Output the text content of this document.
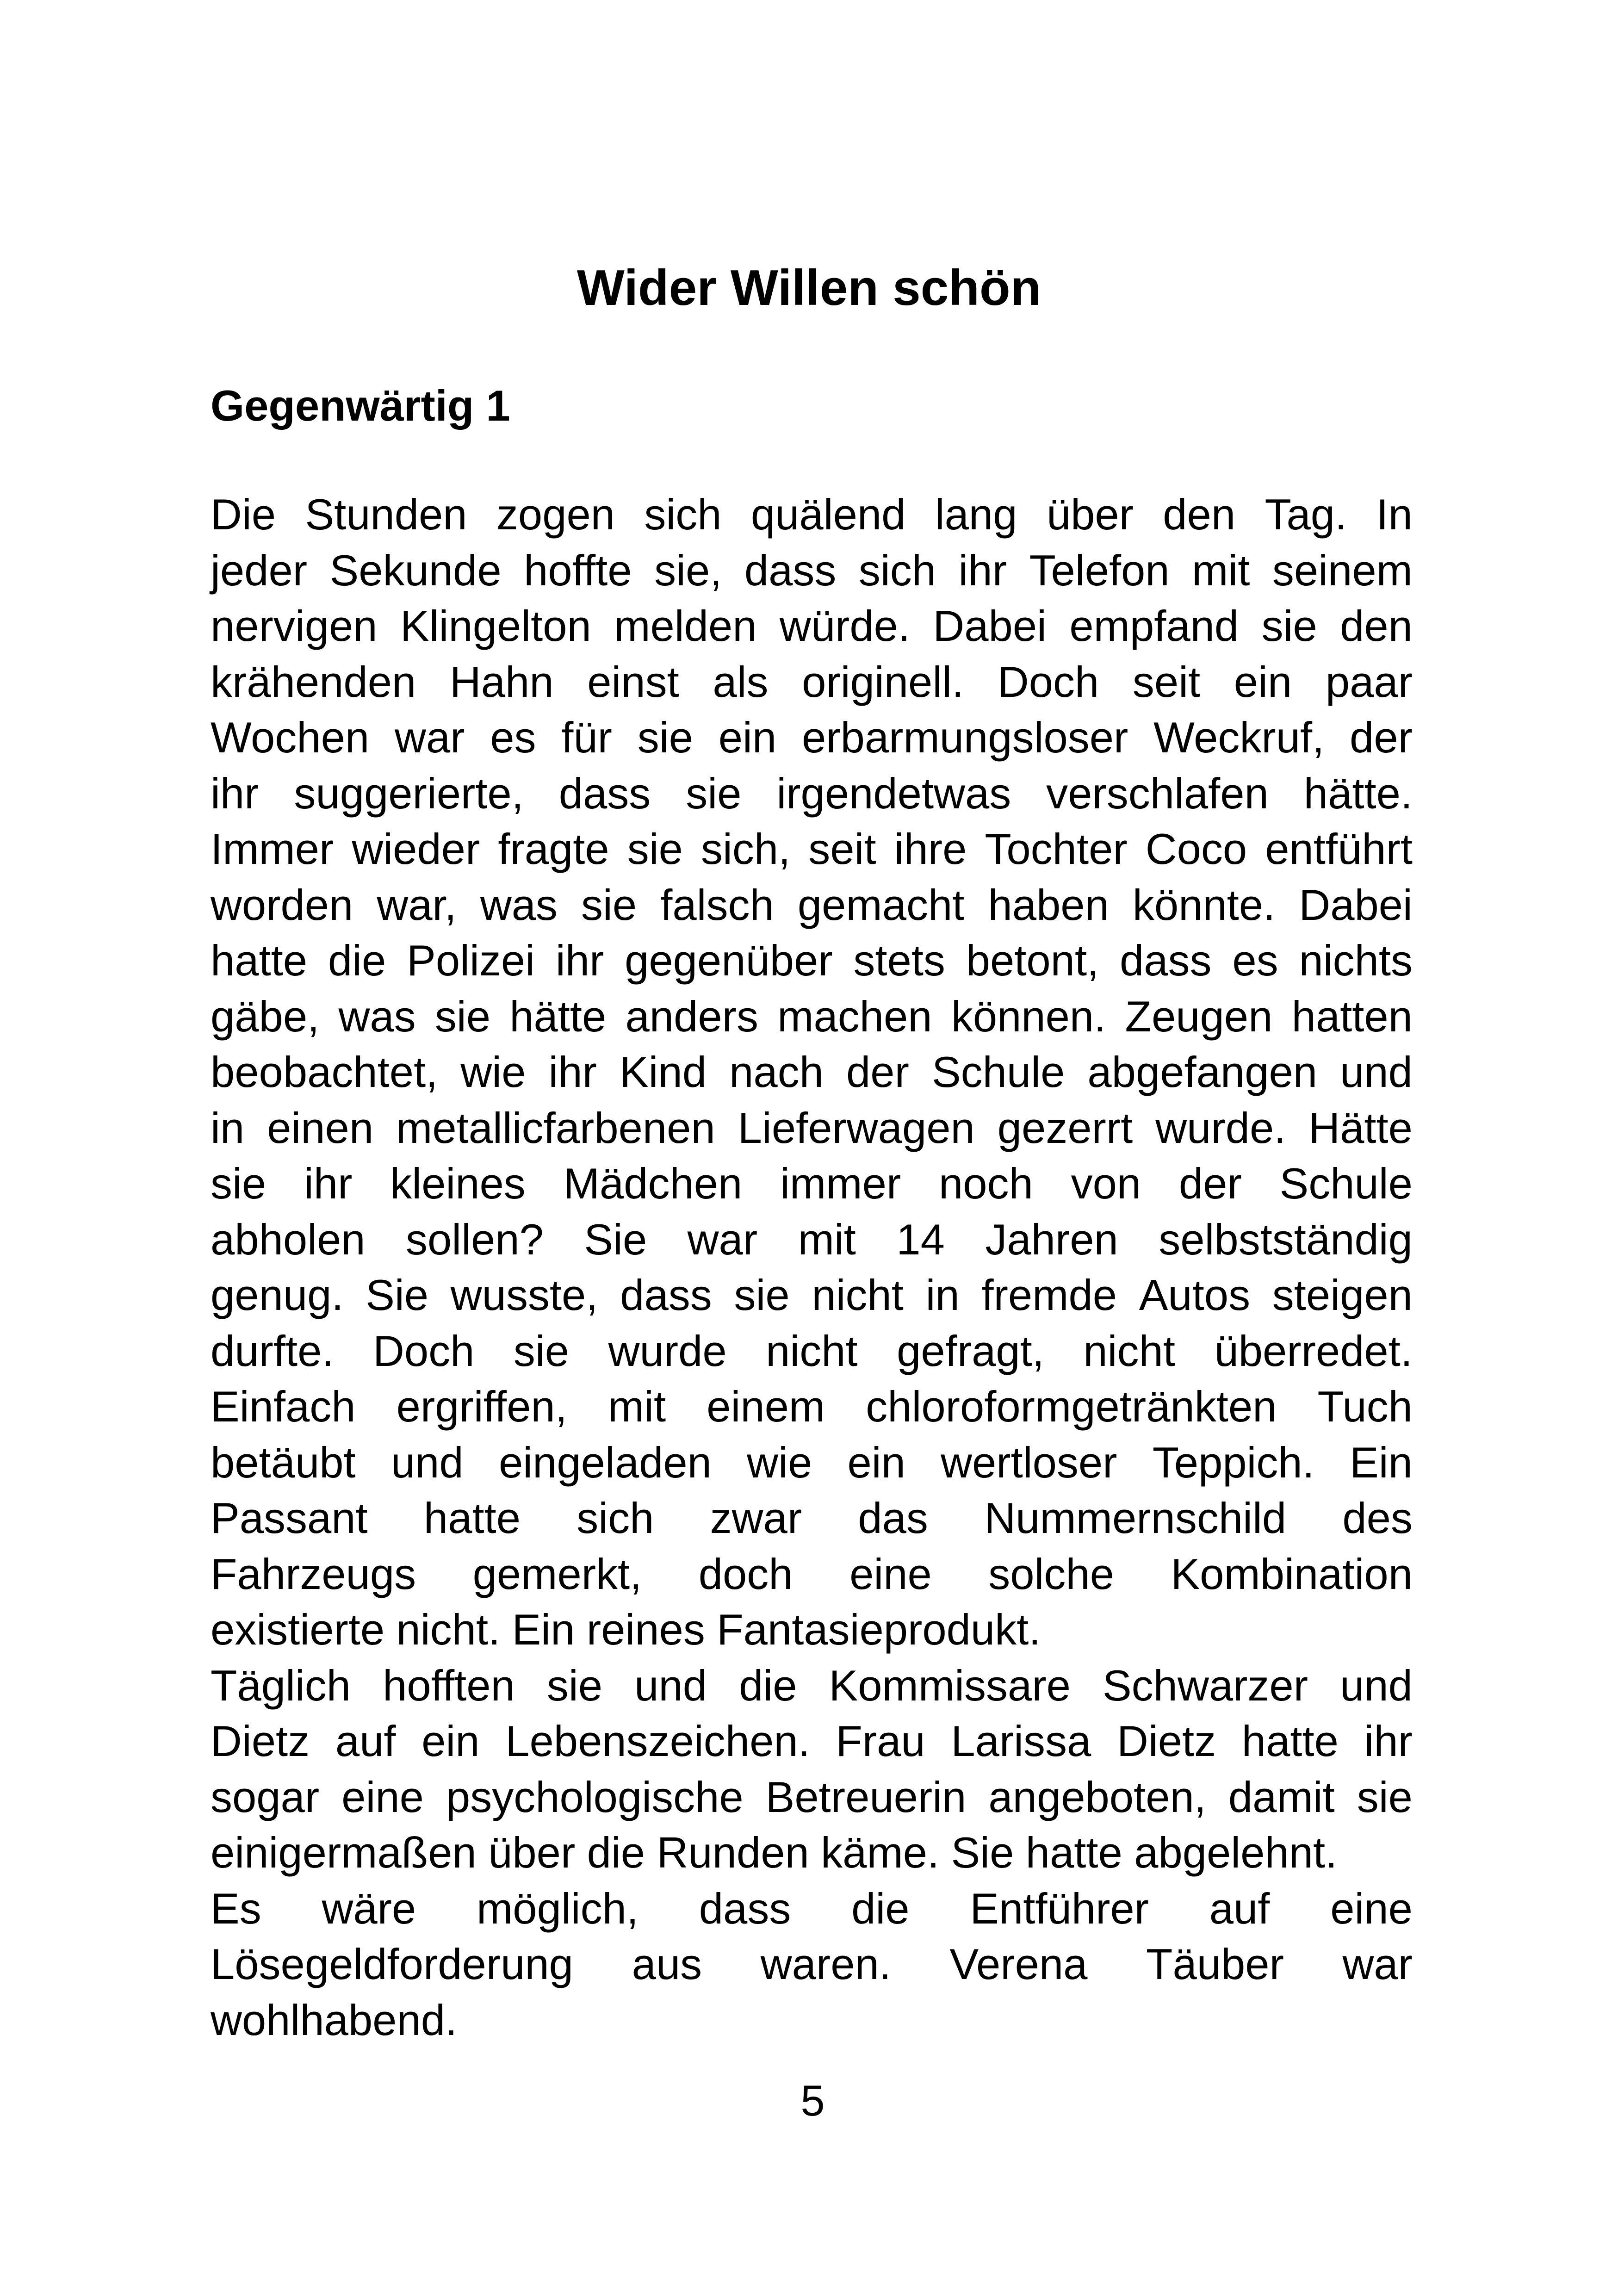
Wider Willen schön
Gegenwärtig 1
Die Stunden zogen sich quälend lang über den Tag. In
jeder Sekunde hoffte sie, dass sich ihr Telefon mit seinem
nervigen Klingelton melden würde. Dabei empfand sie den
krähenden Hahn einst als originell. Doch seit ein paar
Wochen war es für sie ein erbarmungsloser Weckruf, der
ihr suggerierte, dass sie irgendetwas verschlafen hätte.
Immer wieder fragte sie sich, seit ihre Tochter Coco entführt
worden war, was sie falsch gemacht haben könnte. Dabei
hatte die Polizei ihr gegenüber stets betont, dass es nichts
gäbe, was sie hätte anders machen können. Zeugen hatten
beobachtet, wie ihr Kind nach der Schule abgefangen und
in einen metallicfarbenen Lieferwagen gezerrt wurde. Hätte
sie ihr kleines Mädchen immer noch von der Schule
abholen sollen? Sie war mit 14 Jahren selbstständig
genug. Sie wusste, dass sie nicht in fremde Autos steigen
durfte. Doch sie wurde nicht gefragt, nicht überredet.
Einfach ergriffen, mit einem chloroformgetränkten Tuch
betäubt und eingeladen wie ein wertloser Teppich. Ein
Passant hatte sich zwar das Nummernschild des
Fahrzeugs gemerkt, doch eine solche Kombination
existierte nicht. Ein reines Fantasieprodukt.
Täglich hofften sie und die Kommissare Schwarzer und
Dietz auf ein Lebenszeichen. Frau Larissa Dietz hatte ihr
sogar eine psychologische Betreuerin angeboten, damit sie
einigermaßen über die Runden käme. Sie hatte abgelehnt.
Es wäre möglich, dass die Entführer auf eine
Lösegeldforderung aus waren. Verena Täuber war
wohlhabend.
5
